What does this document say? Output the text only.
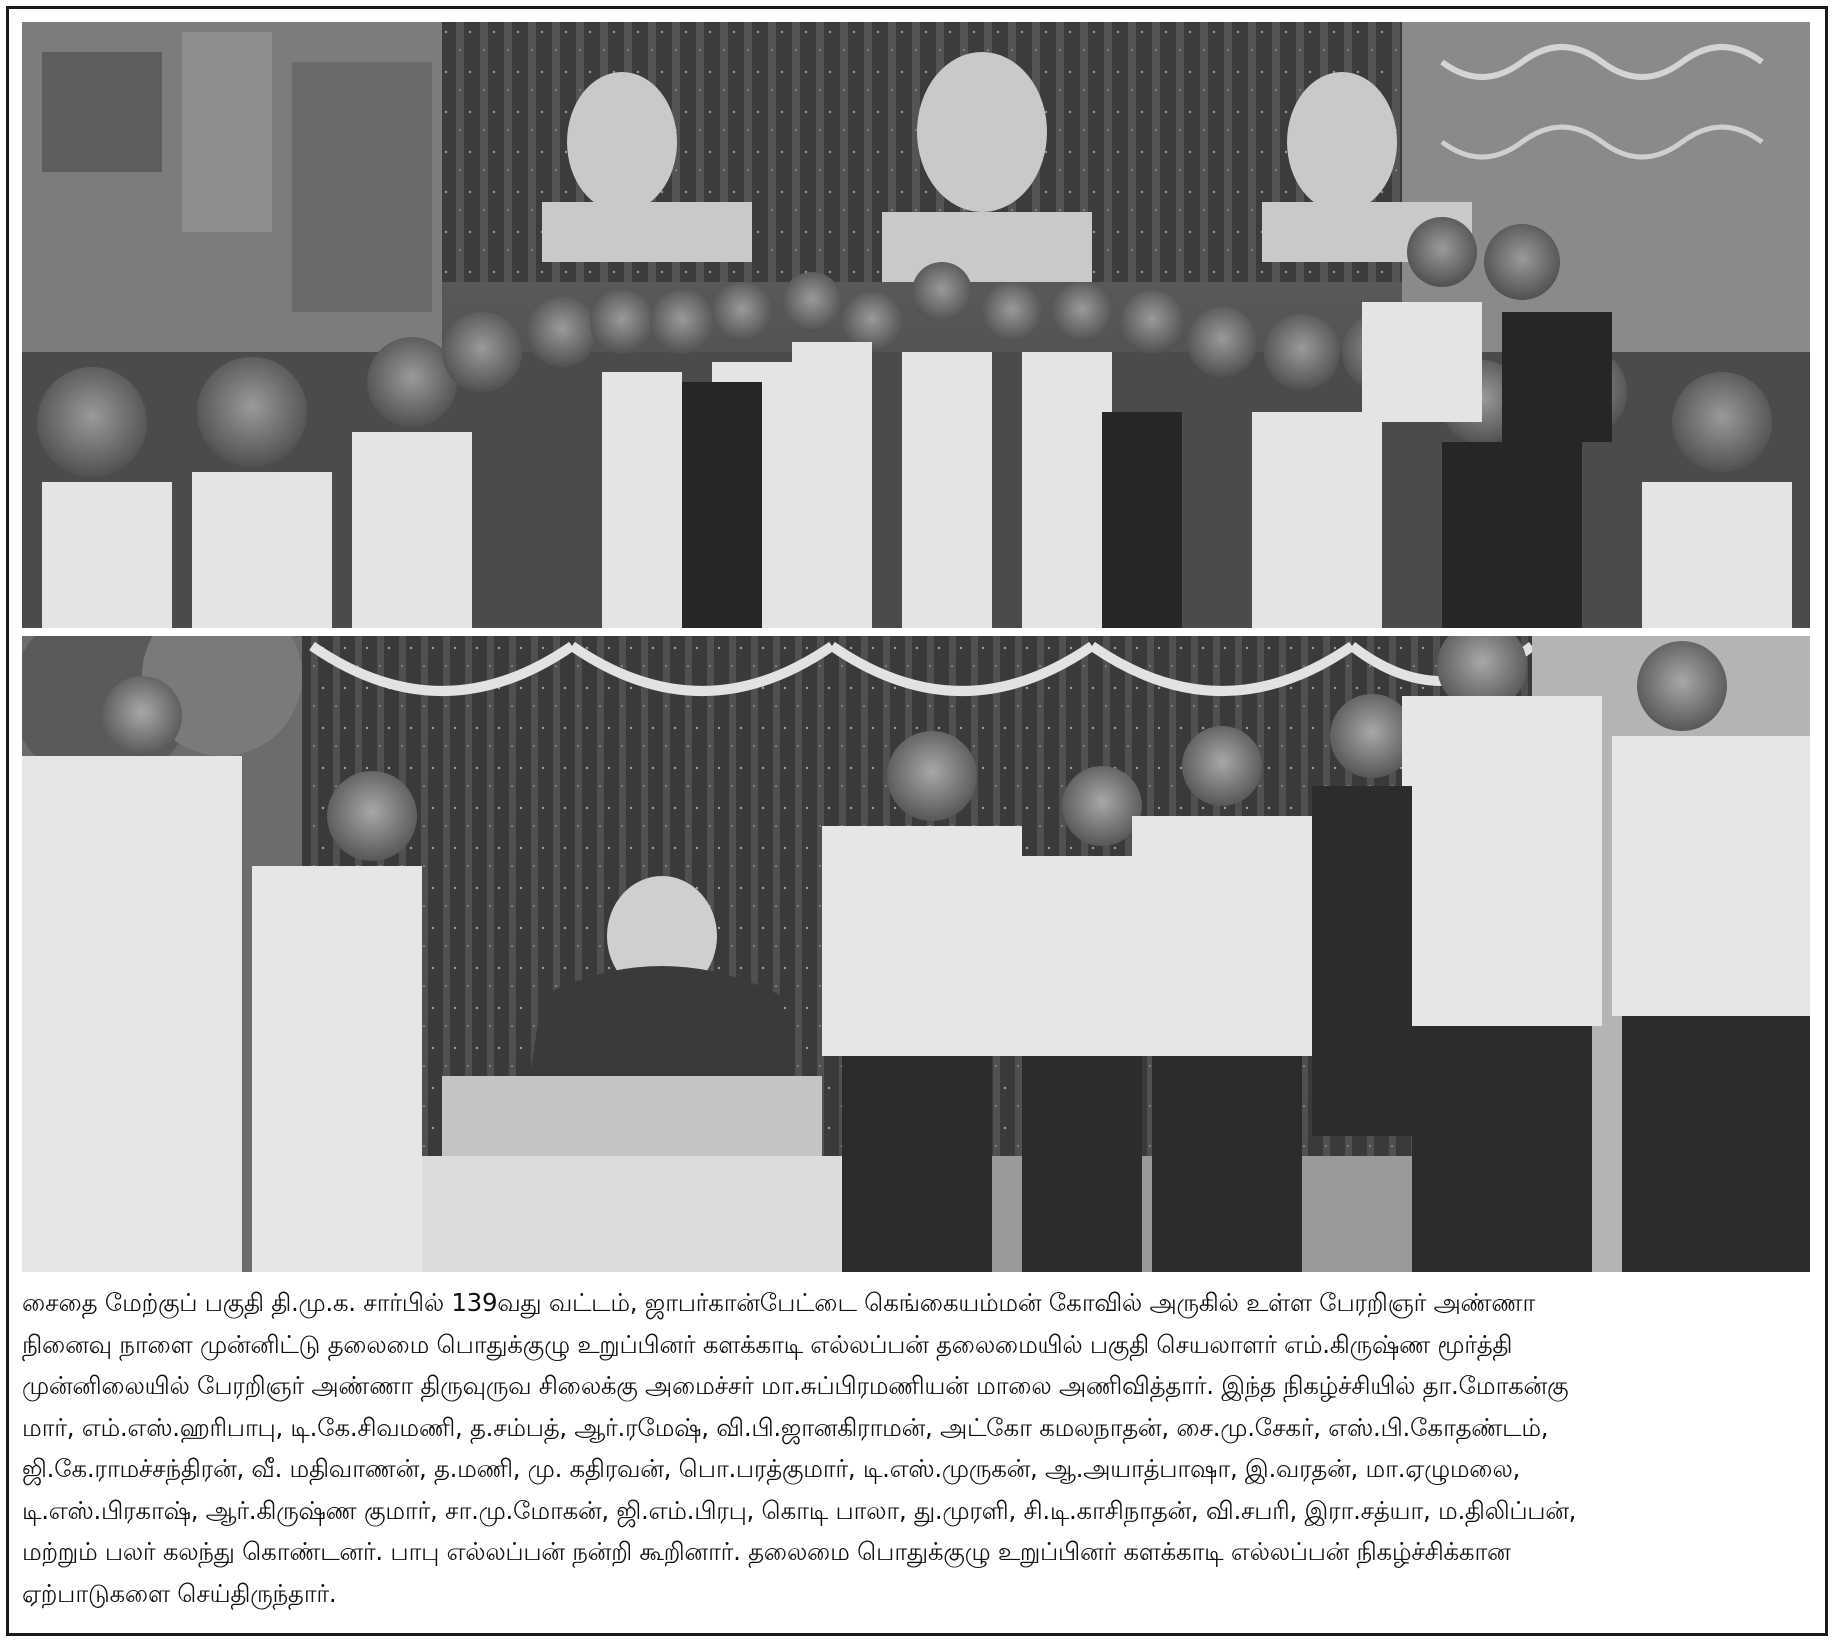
சைதை மேற்குப் பகுதி தி.மு.க. சார்பில் 139வது வட்டம், ஜாபர்கான்பேட்டை கெங்கையம்மன் கோவில் அருகில் உள்ள பேரறிஞர் அண்ணா
நினைவு நாளை முன்னிட்டு தலைமை பொதுக்குழு உறுப்பினர் களக்காடி எல்லப்பன் தலைமையில் பகுதி செயலாளர் எம்.கிருஷ்ண மூர்த்தி
முன்னிலையில் பேரறிஞர் அண்ணா திருவுருவ சிலைக்கு அமைச்சர் மா.சுப்பிரமணியன் மாலை அணிவித்தார். இந்த நிகழ்ச்சியில் தா.மோகன்கு
மார், எம்.எஸ்.ஹரிபாபு, டி.கே.சிவமணி, த.சம்பத், ஆர்.ரமேஷ், வி.பி.ஜானகிராமன், அட்கோ கமலநாதன், சை.மு.சேகர், எஸ்.பி.கோதண்டம்,
ஜி.கே.ராமச்சந்திரன், வீ. மதிவாணன், த.மணி, மு. கதிரவன், பொ.பரத்குமார், டி.எஸ்.முருகன், ஆ.அயாத்பாஷா, இ.வரதன், மா.ஏழுமலை,
டி.எஸ்.பிரகாஷ், ஆர்.கிருஷ்ண குமார், சா.மு.மோகன், ஜி.எம்.பிரபு, கொடி பாலா, து.முரளி, சி.டி.காசிநாதன், வி.சபரி, இரா.சத்யா, ம.திலிப்பன்,
மற்றும் பலர் கலந்து கொண்டனர். பாபு எல்லப்பன் நன்றி கூறினார். தலைமை பொதுக்குழு உறுப்பினர் களக்காடி எல்லப்பன் நிகழ்ச்சிக்கான
ஏற்பாடுகளை செய்திருந்தார்.
